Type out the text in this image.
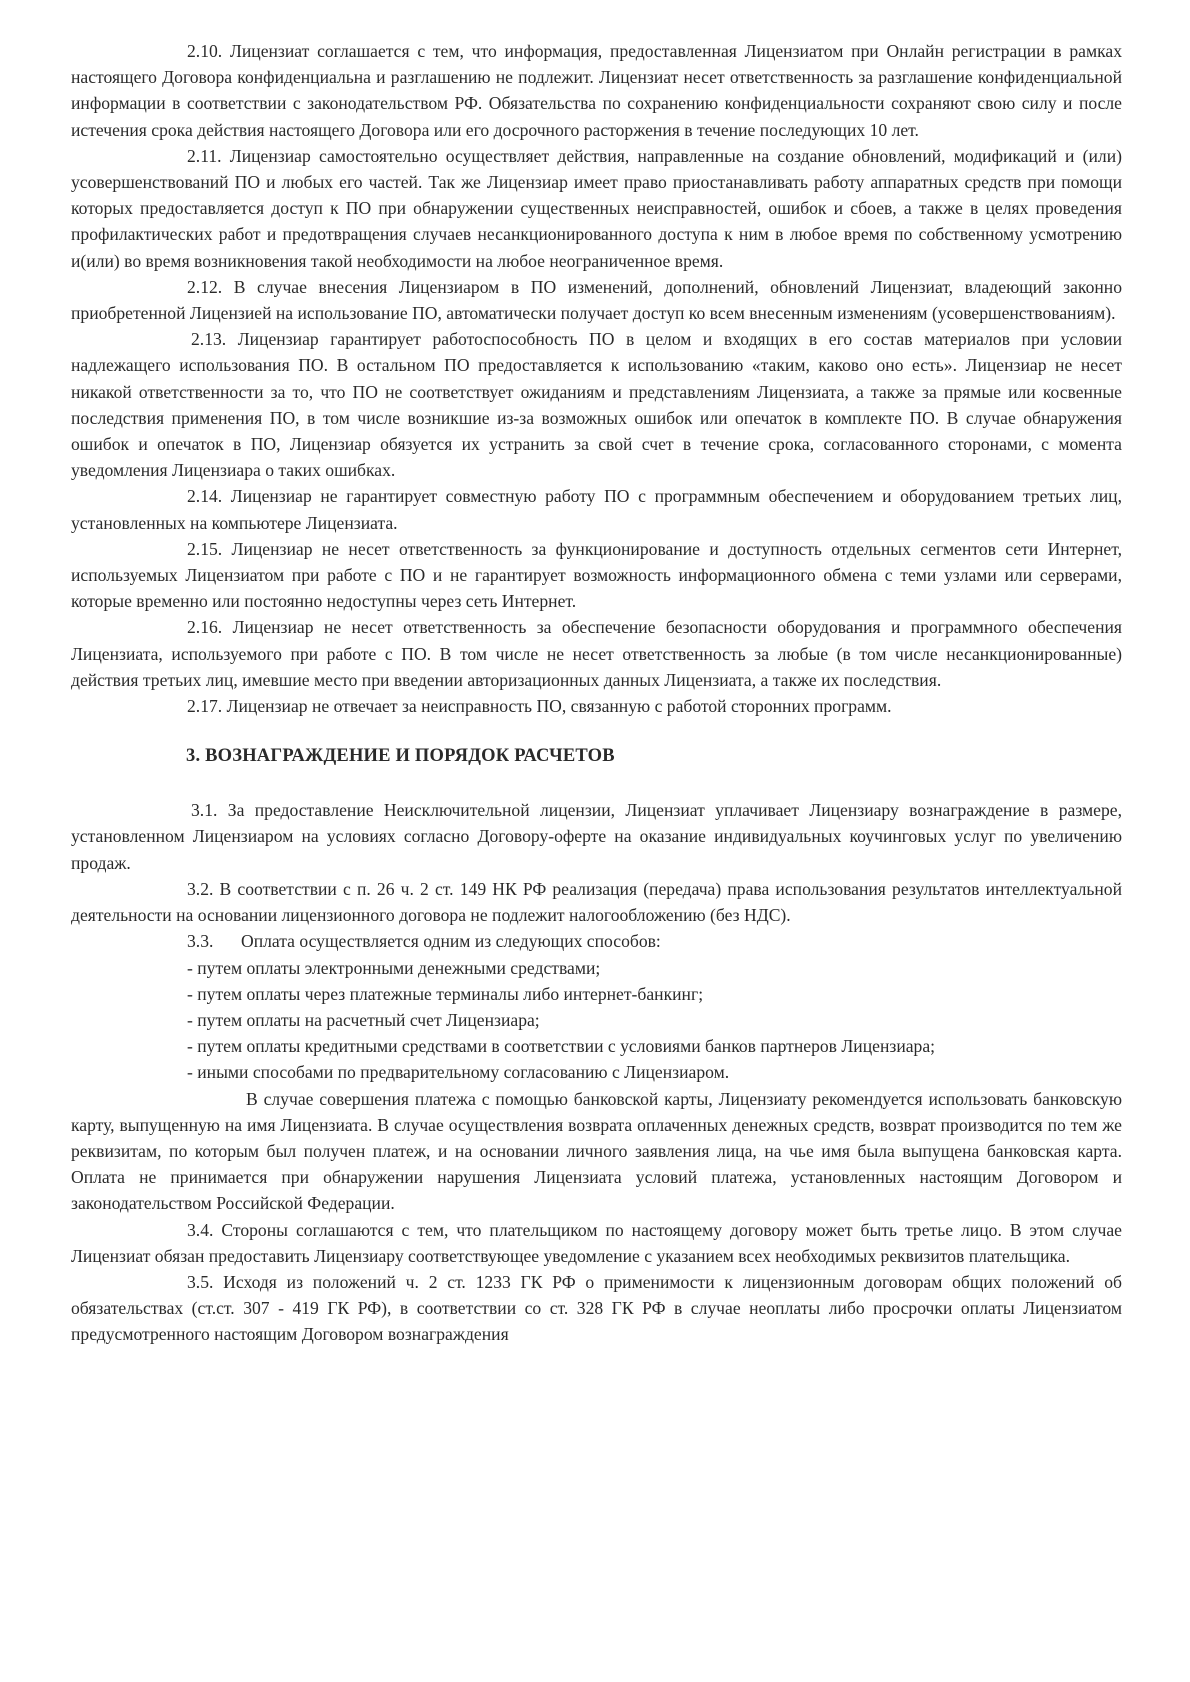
2.10. Лицензиат соглашается с тем, что информация, предоставленная Лицензиатом при Онлайн регистрации в рамках настоящего Договора конфиденциальна и разглашению не подлежит. Лицензиат несет ответственность за разглашение конфиденциальной информации в соответствии с законодательством РФ. Обязательства по сохранению конфиденциальности сохраняют свою силу и после истечения срока действия настоящего Договора или его досрочного расторжения в течение последующих 10 лет.

2.11. Лицензиар самостоятельно осуществляет действия, направленные на создание обновлений, модификаций и (или) усовершенствований ПО и любых его частей. Так же Лицензиар имеет право приостанавливать работу аппаратных средств при помощи которых предоставляется доступ к ПО при обнаружении существенных неисправностей, ошибок и сбоев, а также в целях проведения профилактических работ и предотвращения случаев несанкционированного доступа к ним в любое время по собственному усмотрению и(или) во время возникновения такой необходимости на любое неограниченное время.

2.12. В случае внесения Лицензиаром в ПО изменений, дополнений, обновлений Лицензиат, владеющий законно приобретенной Лицензией на использование ПО, автоматически получает доступ ко всем внесенным изменениям (усовершенствованиям).

2.13. Лицензиар гарантирует работоспособность ПО в целом и входящих в его состав материалов при условии надлежащего использования ПО. В остальном ПО предоставляется к использованию «таким, каково оно есть». Лицензиар не несет никакой ответственности за то, что ПО не соответствует ожиданиям и представлениям Лицензиата, а также за прямые или косвенные последствия применения ПО, в том числе возникшие из-за возможных ошибок или опечаток в комплекте ПО. В случае обнаружения ошибок и опечаток в ПО, Лицензиар обязуется их устранить за свой счет в течение срока, согласованного сторонами, с момента уведомления Лицензиара о таких ошибках.

2.14. Лицензиар не гарантирует совместную работу ПО с программным обеспечением и оборудованием третьих лиц, установленных на компьютере Лицензиата.

2.15. Лицензиар не несет ответственность за функционирование и доступность отдельных сегментов сети Интернет, используемых Лицензиатом при работе с ПО и не гарантирует возможность информационного обмена с теми узлами или серверами, которые временно или постоянно недоступны через сеть Интернет.

2.16. Лицензиар не несет ответственность за обеспечение безопасности оборудования и программного обеспечения Лицензиата, используемого при работе с ПО. В том числе не несет ответственность за любые (в том числе несанкционированные) действия третьих лиц, имевшие место при введении авторизационных данных Лицензиата, а также их последствия.

2.17. Лицензиар не отвечает за неисправность ПО, связанную с работой сторонних программ.

3. ВОЗНАГРАЖДЕНИЕ И ПОРЯДОК РАСЧЕТОВ

3.1. За предоставление Неисключительной лицензии, Лицензиат уплачивает Лицензиару вознаграждение в размере, установленном Лицензиаром на условиях согласно Договору-оферте на оказание индивидуальных коучинговых услуг по увеличению продаж.

3.2. В соответствии с п. 26 ч. 2 ст. 149 НК РФ реализация (передача) права использования результатов интеллектуальной деятельности на основании лицензионного договора не подлежит налогообложению (без НДС).

3.3. Оплата осуществляется одним из следующих способов:

- путем оплаты электронными денежными средствами;

- путем оплаты через платежные терминалы либо интернет-банкинг;

- путем оплаты на расчетный счет Лицензиара;

- путем оплаты кредитными средствами в соответствии с условиями банков партнеров Лицензиара;

- иными способами по предварительному согласованию с Лицензиаром.

В случае совершения платежа с помощью банковской карты, Лицензиату рекомендуется использовать банковскую карту, выпущенную на имя Лицензиата. В случае осуществления возврата оплаченных денежных средств, возврат производится по тем же реквизитам, по которым был получен платеж, и на основании личного заявления лица, на чье имя была выпущена банковская карта. Оплата не принимается при обнаружении нарушения Лицензиата условий платежа, установленных настоящим Договором и законодательством Российской Федерации.

3.4. Стороны соглашаются с тем, что плательщиком по настоящему договору может быть третье лицо. В этом случае Лицензиат обязан предоставить Лицензиару соответствующее уведомление с указанием всех необходимых реквизитов плательщика.

3.5. Исходя из положений ч. 2 ст. 1233 ГК РФ о применимости к лицензионным договорам общих положений об обязательствах (ст.ст. 307 - 419 ГК РФ), в соответствии со ст. 328 ГК РФ в случае неоплаты либо просрочки оплаты Лицензиатом предусмотренного настоящим Договором вознаграждения
